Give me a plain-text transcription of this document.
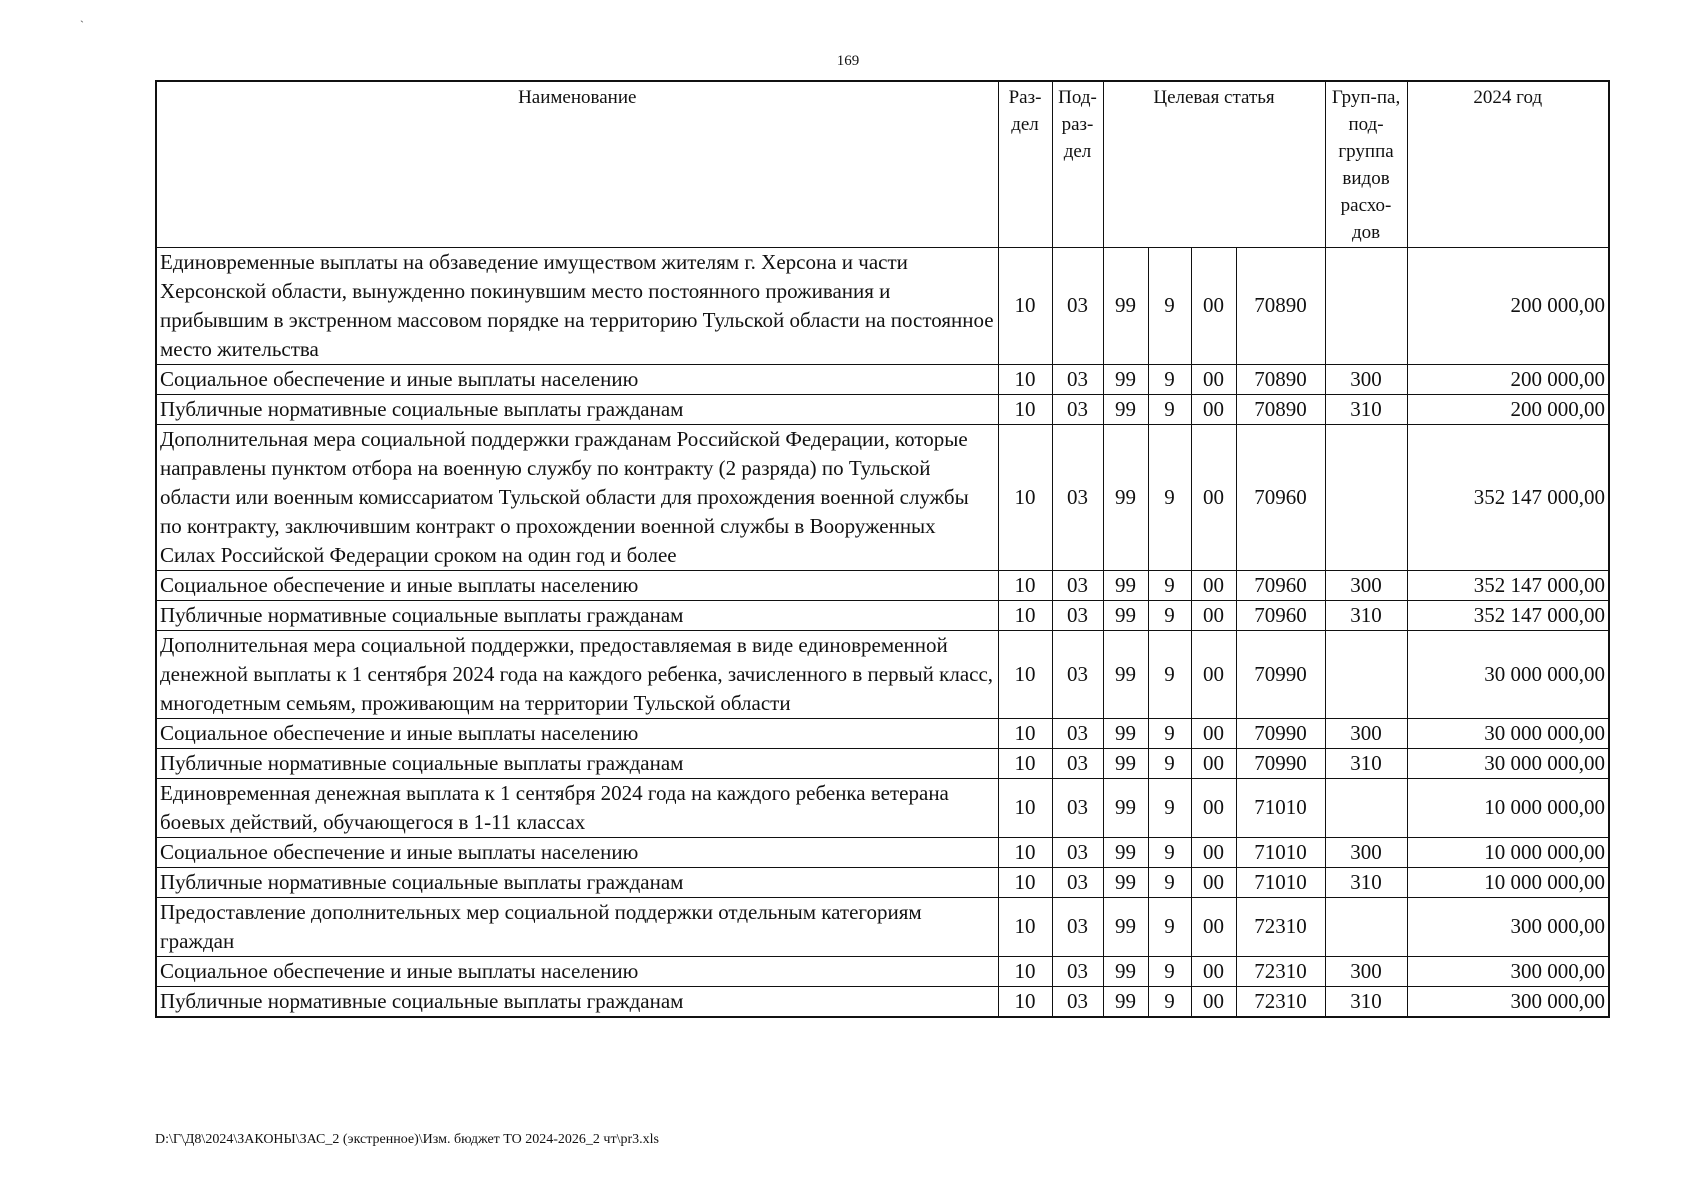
`
169
Наименование	Раз-дел	Под-раз-дел	Целевая статья				Груп-па, под-группа видов расхо-дов	2024 год
Единовременные выплаты на обзаведение имуществом жителям г. Херсона и части Херсонской области, вынужденно покинувшим место постоянного проживания и прибывшим в экстренном массовом порядке на территорию Тульской области на постоянное место жительства	10	03	99	9	00	70890		200 000,00
Социальное обеспечение и иные выплаты населению	10	03	99	9	00	70890	300	200 000,00
Публичные нормативные социальные выплаты гражданам	10	03	99	9	00	70890	310	200 000,00
Дополнительная мера социальной поддержки гражданам Российской Федерации, которые направлены пунктом отбора на военную службу по контракту (2 разряда) по Тульской области или военным комиссариатом Тульской области для прохождения военной службы по контракту, заключившим контракт о прохождении военной службы в Вооруженных Силах Российской Федерации сроком на один год и более	10	03	99	9	00	70960		352 147 000,00
Социальное обеспечение и иные выплаты населению	10	03	99	9	00	70960	300	352 147 000,00
Публичные нормативные социальные выплаты гражданам	10	03	99	9	00	70960	310	352 147 000,00
Дополнительная мера социальной поддержки, предоставляемая в виде единовременной денежной выплаты к 1 сентября 2024 года на каждого ребенка, зачисленного в первый класс, многодетным семьям, проживающим на территории Тульской области	10	03	99	9	00	70990		30 000 000,00
Социальное обеспечение и иные выплаты населению	10	03	99	9	00	70990	300	30 000 000,00
Публичные нормативные социальные выплаты гражданам	10	03	99	9	00	70990	310	30 000 000,00
Единовременная денежная выплата к 1 сентября 2024 года на каждого ребенка ветерана боевых действий, обучающегося в 1-11 классах	10	03	99	9	00	71010		10 000 000,00
Социальное обеспечение и иные выплаты населению	10	03	99	9	00	71010	300	10 000 000,00
Публичные нормативные социальные выплаты гражданам	10	03	99	9	00	71010	310	10 000 000,00
Предоставление дополнительных мер социальной поддержки отдельным категориям граждан	10	03	99	9	00	72310		300 000,00
Социальное обеспечение и иные выплаты населению	10	03	99	9	00	72310	300	300 000,00
Публичные нормативные социальные выплаты гражданам	10	03	99	9	00	72310	310	300 000,00
D:\Г\Д8\2024\ЗАКОНЫ\ЗАС_2 (экстренное)\Изм. бюджет ТО 2024-2026_2 чт\pr3.xls
